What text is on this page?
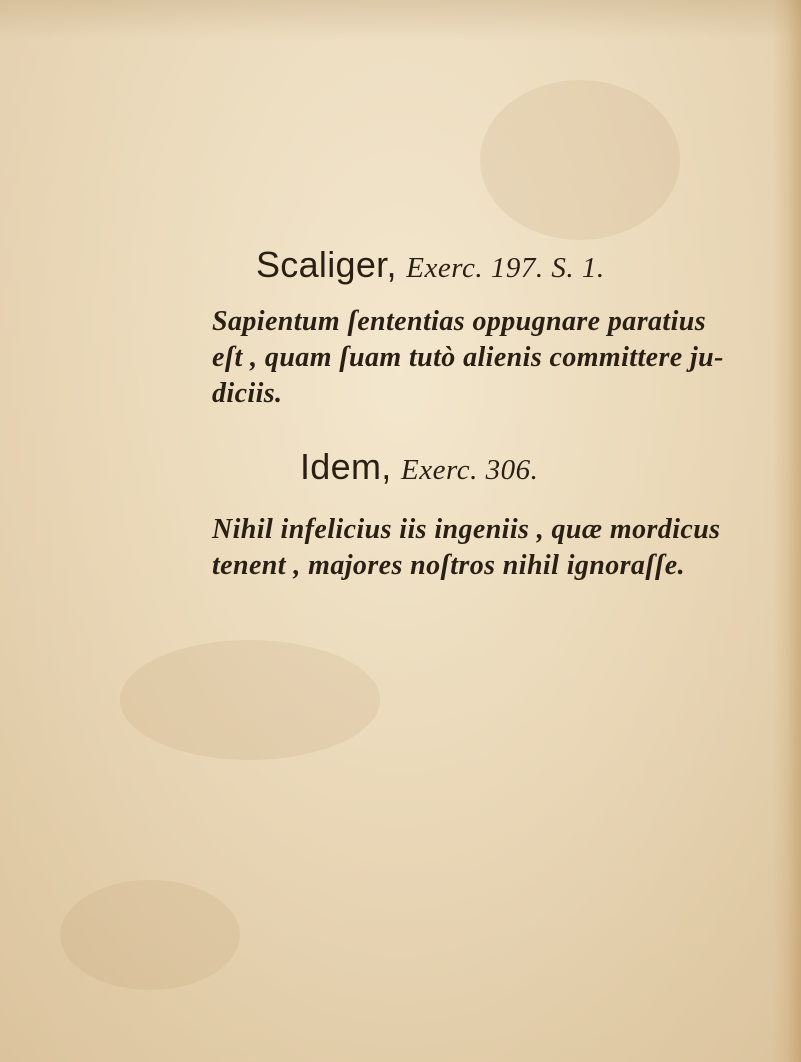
Scaliger, Exerc. 197. S. 1.
Sapientum ſententias oppugnare paratius
eſt , quam ſuam tutò alienis committere ju-
diciis.
Idem, Exerc. 306.
Nihil infelicius iis ingeniis , quæ mordicus
tenent , majores noſtros nihil ignoraſſe.
